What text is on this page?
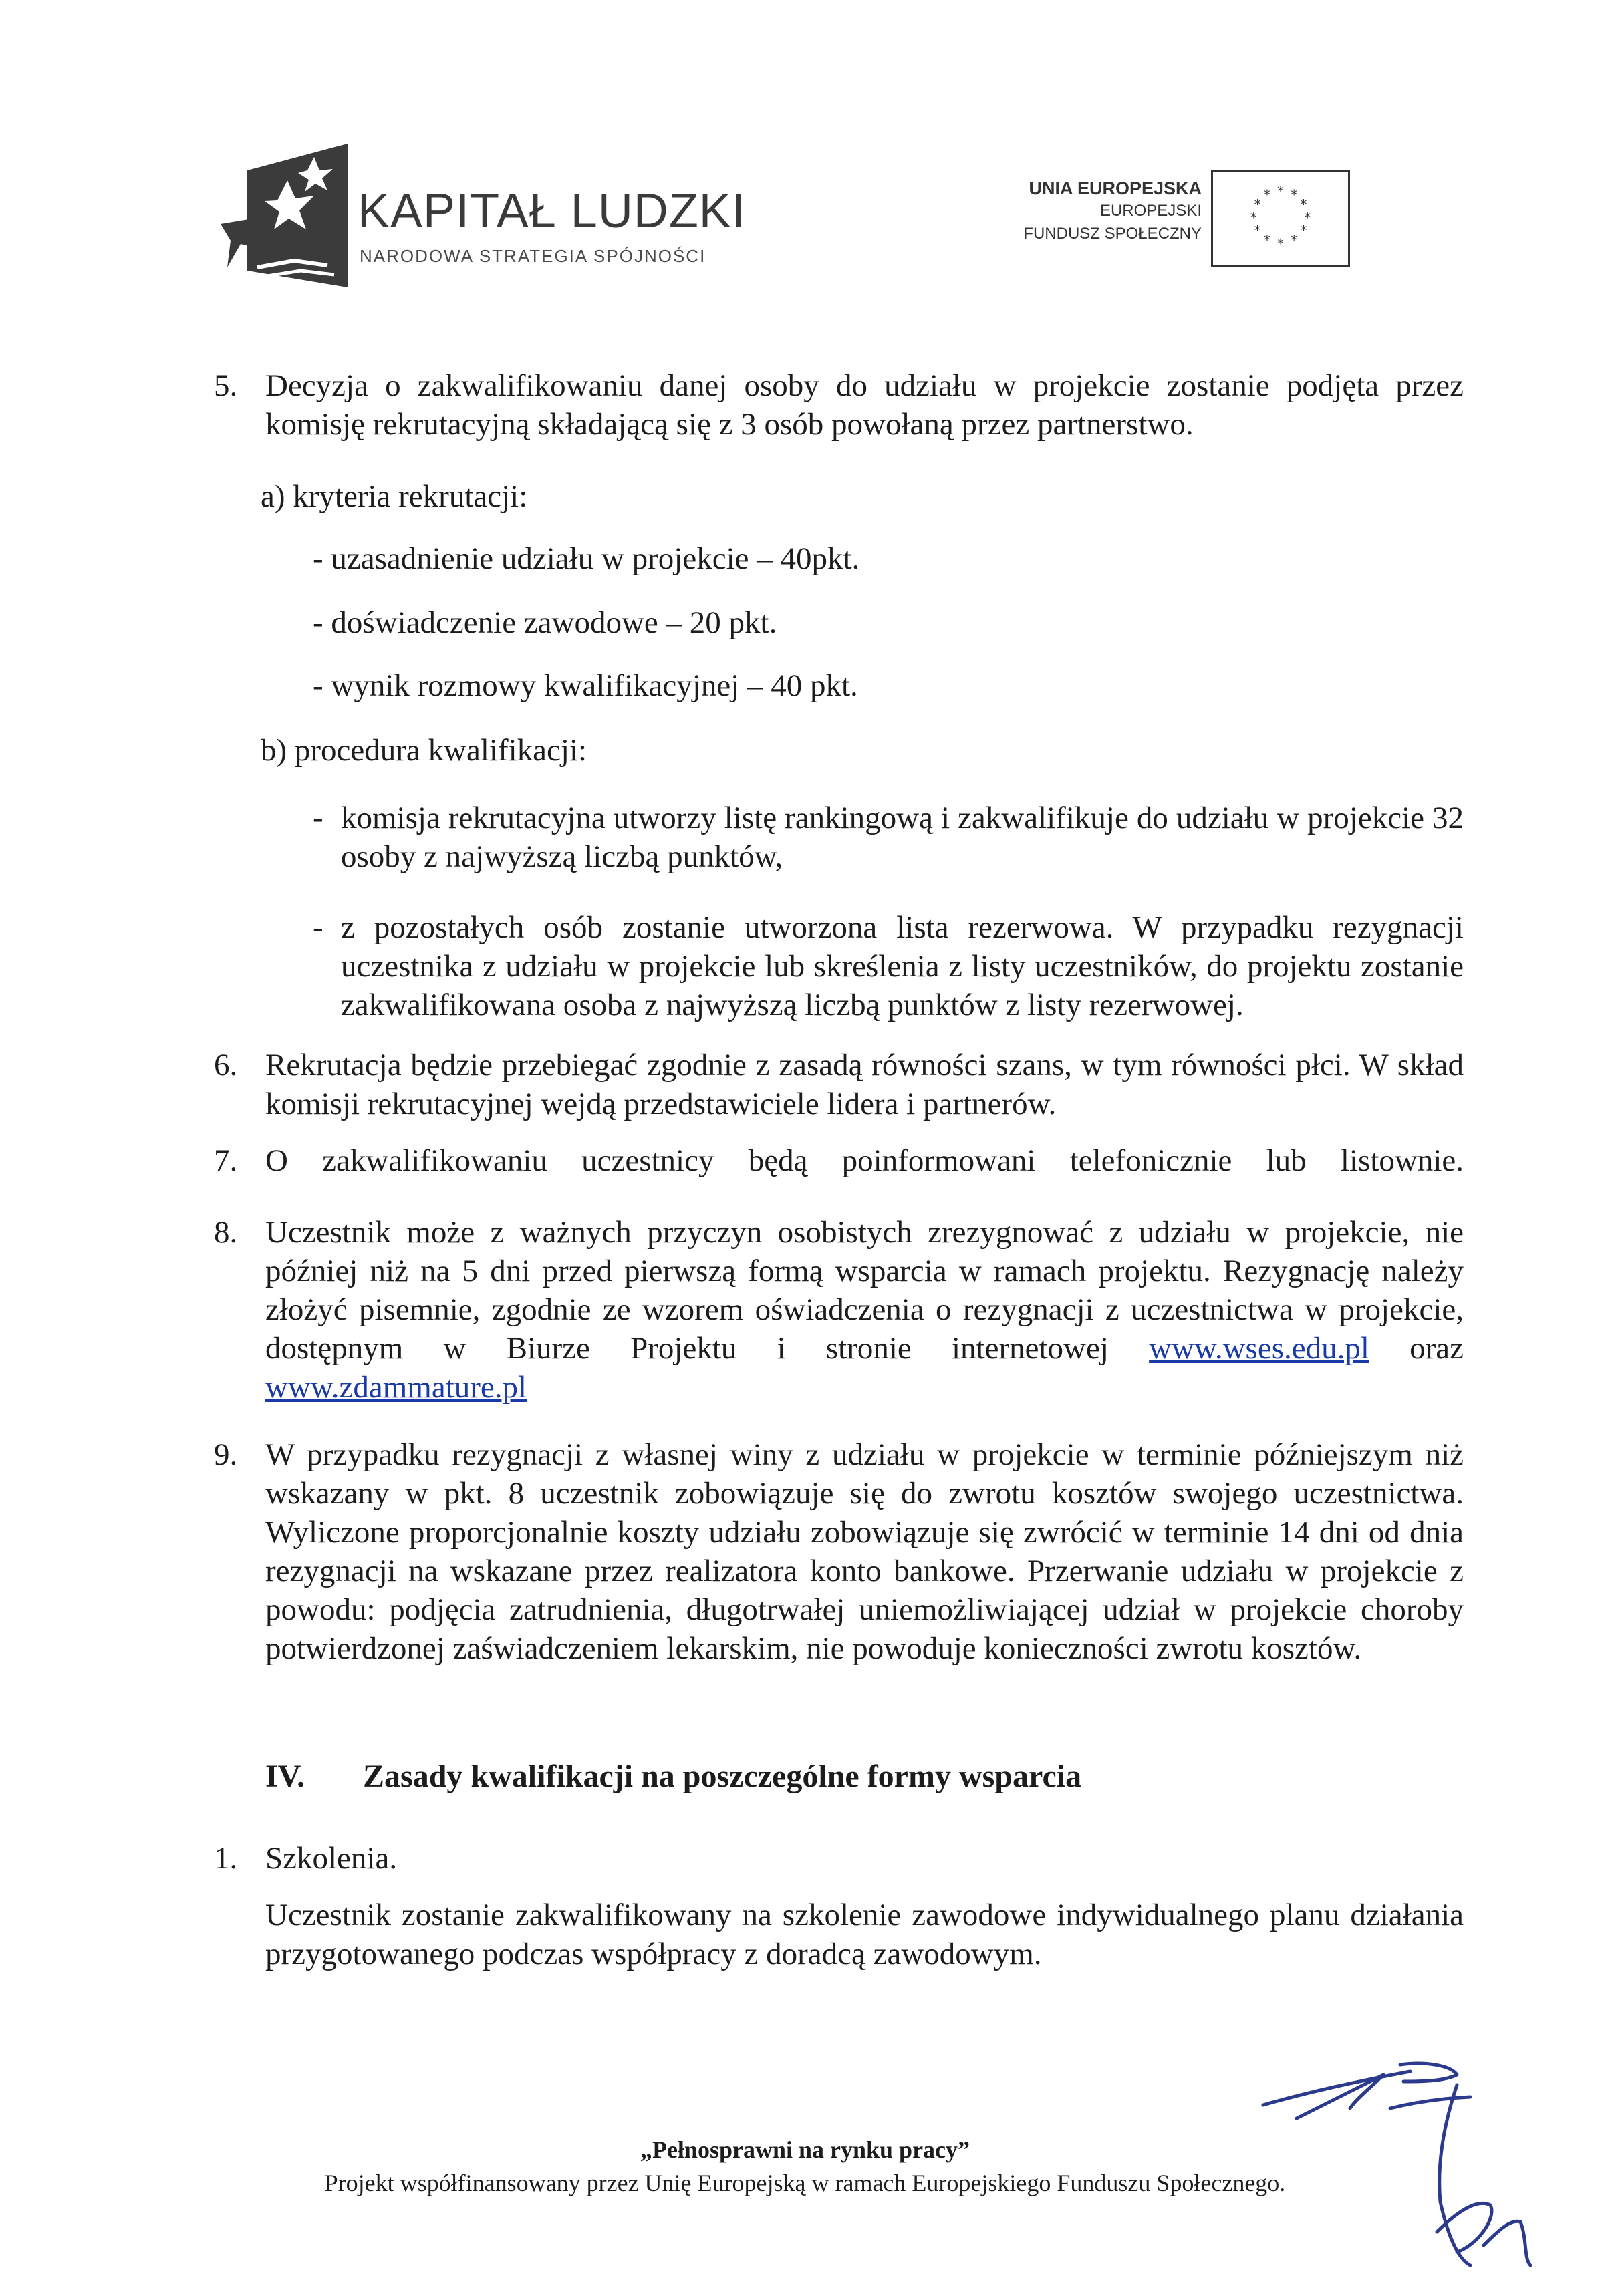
KAPITAŁ LUDZKI
NARODOWA STRATEGIA SPÓJNOŚCI
UNIA EUROPEJSKA
EUROPEJSKI
FUNDUSZ SPOŁECZNY
* *
*
*
*
*
*
*
*
*
*
*
5. Decyzja o zakwalifikowaniu danej osoby do udziału w projekcie zostanie podjęta przez komisję rekrutacyjną składającą się z 3 osób powołaną przez partnerstwo.
a) kryteria rekrutacji:
- uzasadnienie udziału w projekcie – 40pkt.
- doświadczenie zawodowe – 20 pkt.
- wynik rozmowy kwalifikacyjnej – 40 pkt.
b) procedura kwalifikacji:
- komisja rekrutacyjna utworzy listę rankingową i zakwalifikuje do udziału w projekcie 32 osoby z najwyższą liczbą punktów,
- z pozostałych osób zostanie utworzona lista rezerwowa. W przypadku rezygnacji uczestnika z udziału w projekcie lub skreślenia z listy uczestników, do projektu zostanie zakwalifikowana osoba z najwyższą liczbą punktów z listy rezerwowej.
6. Rekrutacja będzie przebiegać zgodnie z zasadą równości szans, w tym równości płci. W skład komisji rekrutacyjnej wejdą przedstawiciele lidera i partnerów.
7. O zakwalifikowaniu uczestnicy będą poinformowani telefonicznie lub listownie.
8. Uczestnik może z ważnych przyczyn osobistych zrezygnować z udziału w projekcie, nie później niż na 5 dni przed pierwszą formą wsparcia w ramach projektu. Rezygnację należy złożyć pisemnie, zgodnie ze wzorem oświadczenia o rezygnacji z uczestnictwa w projekcie, dostępnym w Biurze Projektu i stronie internetowej www.wses.edu.pl oraz www.zdammature.pl
9. W przypadku rezygnacji z własnej winy z udziału w projekcie w terminie późniejszym niż wskazany w pkt. 8 uczestnik zobowiązuje się do zwrotu kosztów swojego uczestnictwa. Wyliczone proporcjonalnie koszty udziału zobowiązuje się zwrócić w terminie 14 dni od dnia rezygnacji na wskazane przez realizatora konto bankowe. Przerwanie udziału w projekcie z powodu: podjęcia zatrudnienia, długotrwałej uniemożliwiającej udział w projekcie choroby potwierdzonej zaświadczeniem lekarskim, nie powoduje konieczności zwrotu kosztów.
IV. Zasady kwalifikacji na poszczególne formy wsparcia
1. Szkolenia.
Uczestnik zostanie zakwalifikowany na szkolenie zawodowe indywidualnego planu działania przygotowanego podczas współpracy z doradcą zawodowym.
„Pełnosprawni na rynku pracy”
Projekt współfinansowany przez Unię Europejską w ramach Europejskiego Funduszu Społecznego.
